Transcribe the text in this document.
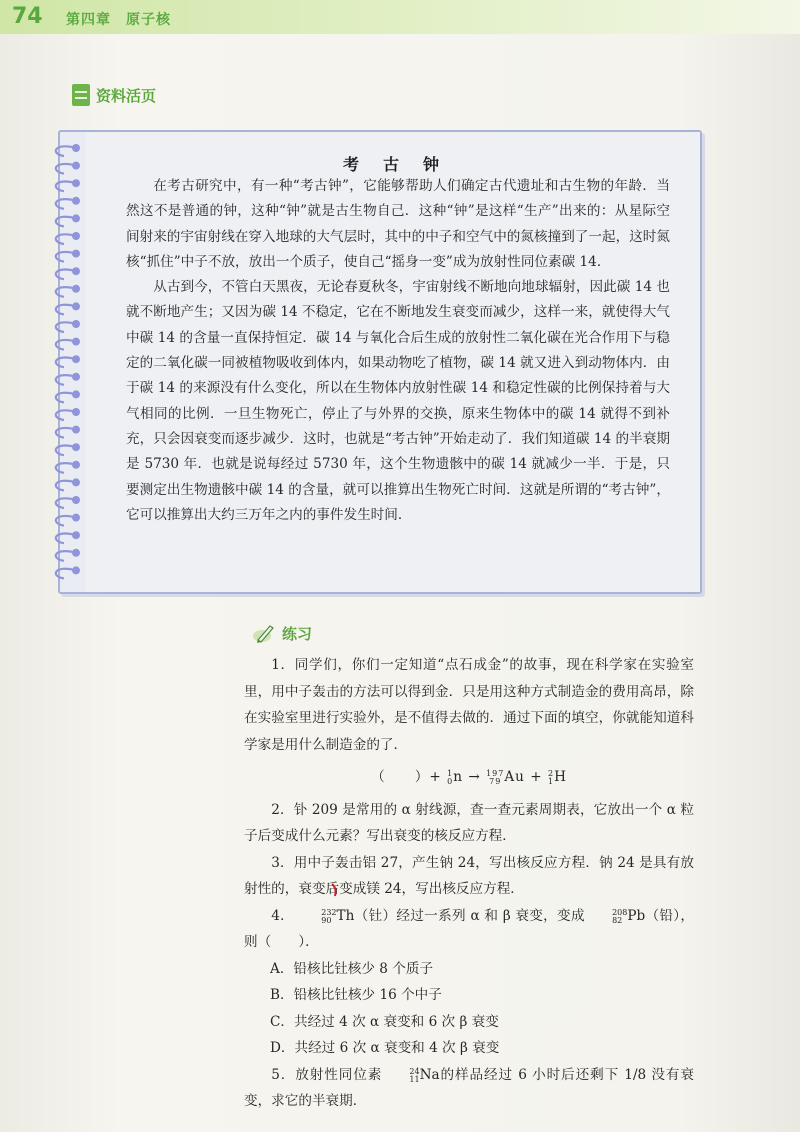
74 第四章　原子核
资料活页
考　古　钟

在考古研究中，有一种“考古钟”，它能够帮助人们确定古代遗址和古生物的年龄．当然这不是普通的钟，这种“钟”就是古生物自己．这种“钟”是这样“生产”出来的：从星际空间射来的宇宙射线在穿入地球的大气层时，其中的中子和空气中的氮核撞到了一起，这时氮核“抓住”中子不放，放出一个质子，使自己“摇身一变”成为放射性同位素碳 14．

从古到今，不管白天黑夜，无论春夏秋冬，宇宙射线不断地向地球辐射，因此碳 14 也就不断地产生；又因为碳 14 不稳定，它在不断地发生衰变而减少，这样一来，就使得大气中碳 14 的含量一直保持恒定．碳 14 与氧化合后生成的放射性二氧化碳在光合作用下与稳定的二氧化碳一同被植物吸收到体内，如果动物吃了植物，碳 14 就又进入到动物体内．由于碳 14 的来源没有什么变化，所以在生物体内放射性碳 14 和稳定性碳的比例保持着与大气相同的比例．一旦生物死亡，停止了与外界的交换，原来生物体中的碳 14 就得不到补充，只会因衰变而逐步减少．这时，也就是“考古钟”开始走动了．我们知道碳 14 的半衰期是 5730 年．也就是说每经过 5730 年，这个生物遗骸中的碳 14 就减少一半．于是，只要测定出生物遗骸中碳 14 的含量，就可以推算出生物死亡时间．这就是所谓的“考古钟”，它可以推算出大约三万年之内的事件发生时间．

练习

1．同学们，你们一定知道“点石成金”的故事，现在科学家在实验室里，用中子轰击的方法可以得到金．只是用这种方式制造金的费用高昂，除在实验室里进行实验外，是不值得去做的．通过下面的填空，你就能知道科学家是用什么制造金的了．

（　　）+ 1
0 n → 197
79 Au + 2
1 H

2．钋 209 是常用的 α 射线源，查一查元素周期表，它放出一个 α 粒子后变成什么元素？写出衰变的核反应方程．

3．用中子轰击铝 27，产生钠 24，写出核反应方程．钠 24 是具有放射性的，衰变后变成镁 24，写出核反应方程．

4．	232
90 Th（钍）经过一系列 α 和 β 衰变，变成	208
82 Pb（铅），则（　　）．

A．铅核比钍核少 8 个质子

B．铅核比钍核少 16 个中子

C．共经过 4 次 α 衰变和 6 次 β 衰变

D．共经过 6 次 α 衰变和 4 次 β 衰变

5．放射性同位素	24
11 Na的样品经过 6 小时后还剩下 1/8 没有衰变，求它的半衰期．
